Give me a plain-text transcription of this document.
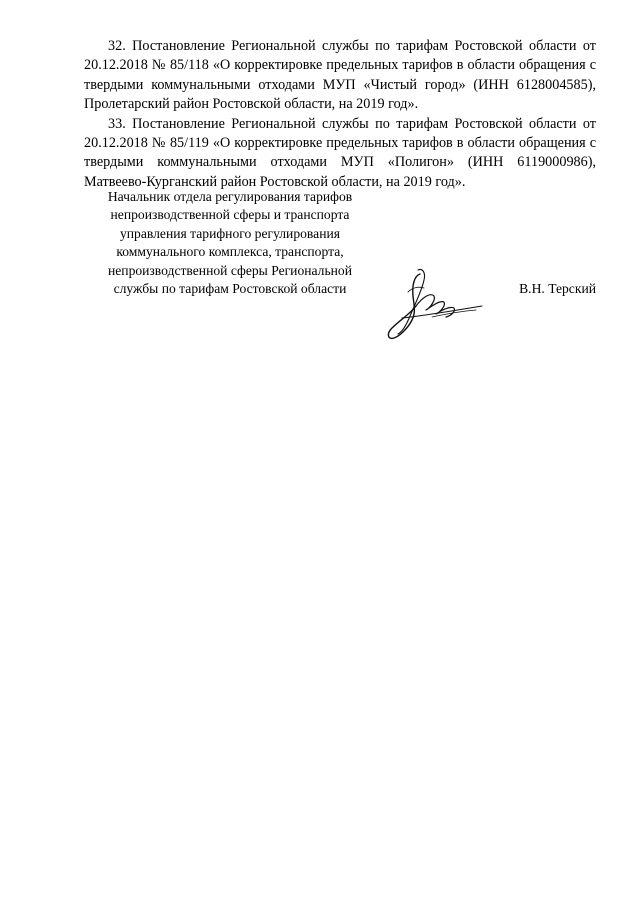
32. Постановление Региональной службы по тарифам Ростовской области от 20.12.2018 № 85/118 «О корректировке предельных тарифов в области обращения с твердыми коммунальными отходами МУП «Чистый город» (ИНН 6128004585), Пролетарский район Ростовской области, на 2019 год».

33. Постановление Региональной службы по тарифам Ростовской области от 20.12.2018 № 85/119 «О корректировке предельных тарифов в области обращения с твердыми коммунальными отходами МУП «Полигон» (ИНН 6119000986), Матвеево-Курганский район Ростовской области, на 2019 год».

Начальник отдела регулирования тарифов
непроизводственной сферы и транспорта
управления тарифного регулирования
коммунального комплекса, транспорта,
непроизводственной сферы Региональной
службы по тарифам Ростовской области	В.Н. Терский
